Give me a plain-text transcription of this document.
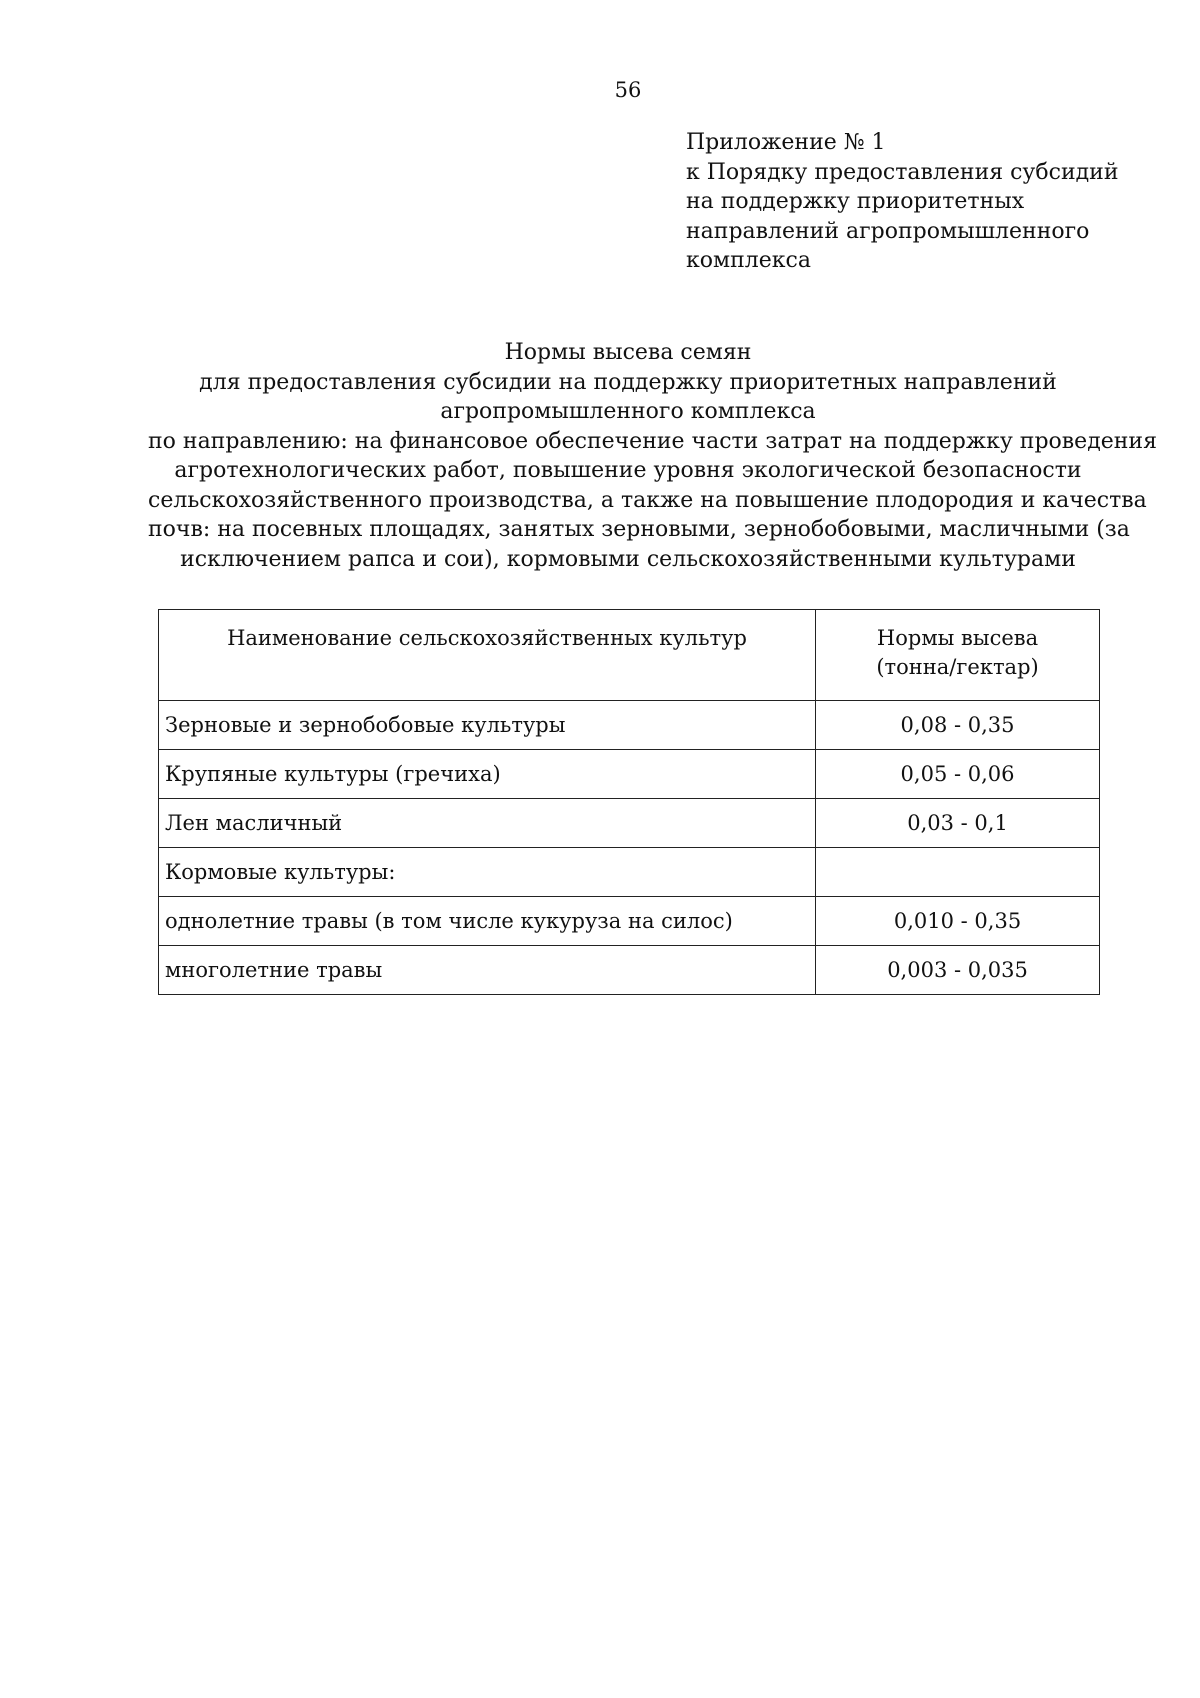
56
Приложение № 1
к Порядку предоставления субсидий
на поддержку приоритетных
направлений агропромышленного
комплекса
Нормы высева семян
для предоставления субсидии на поддержку приоритетных направлений
агропромышленного комплекса
по направлению: на финансовое обеспечение части затрат на поддержку проведения
агротехнологических работ, повышение уровня экологической безопасности
сельскохозяйственного производства, а также на повышение плодородия и качества
почв: на посевных площадях, занятых зерновыми, зернобобовыми, масличными (за
исключением рапса и сои), кормовыми сельскохозяйственными культурами
Наименование сельскохозяйственных культур	Нормы высева
(тонна/гектар)

Зерновые и зернобобовые культуры	0,08 - 0,35
Крупяные культуры (гречиха)	0,05 - 0,06
Лен масличный	0,03 - 0,1
Кормовые культуры:	
однолетние травы (в том числе кукуруза на силос)	0,010 - 0,35
многолетние травы	0,003 - 0,035
